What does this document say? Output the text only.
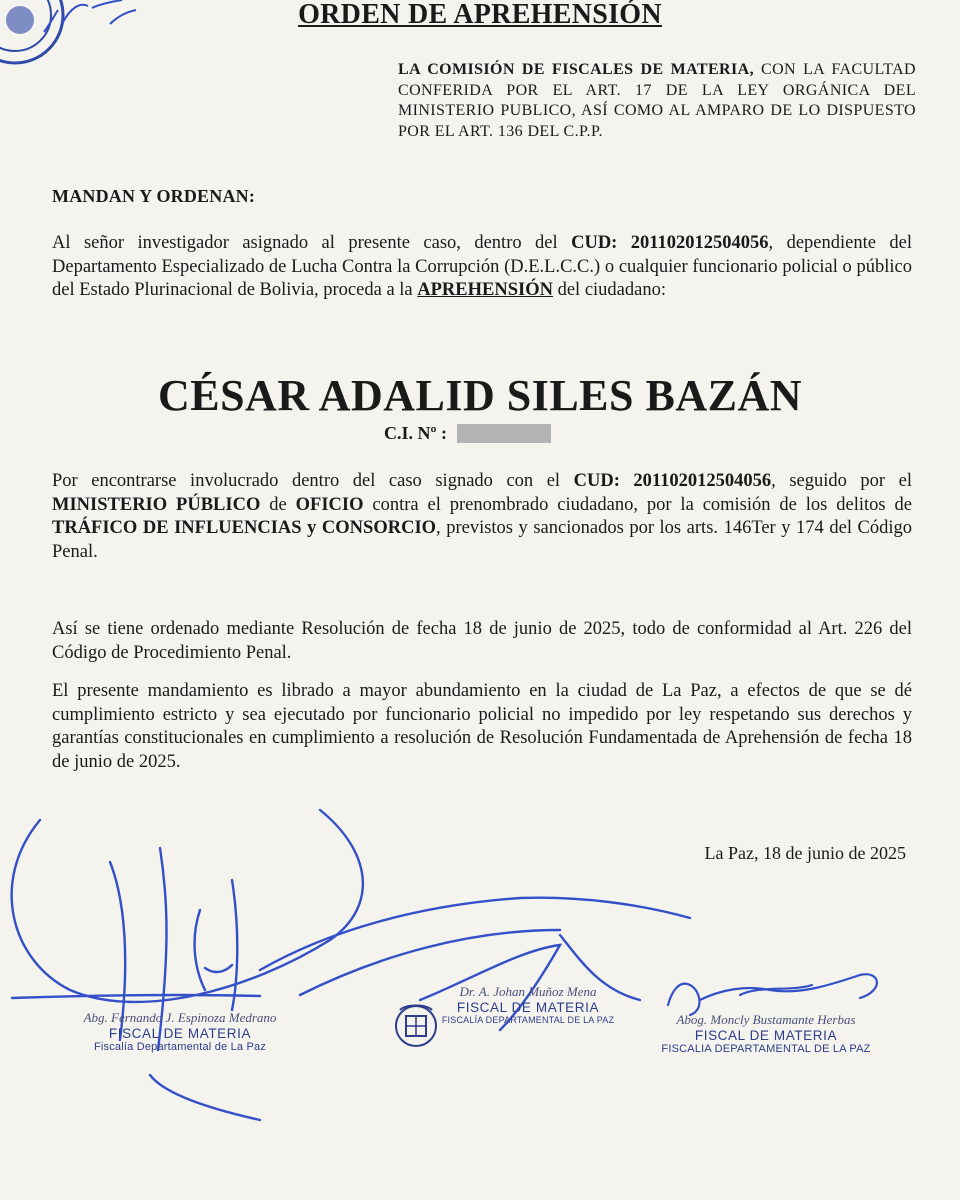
ORDEN DE APREHENSIÓN
LA COMISIÓN DE FISCALES DE MATERIA, CON LA FACULTAD CONFERIDA POR EL ART. 17 DE LA LEY ORGÁNICA DEL MINISTERIO PUBLICO, ASÍ COMO AL AMPARO DE LO DISPUESTO POR EL ART. 136 DEL C.P.P.
MANDAN Y ORDENAN:
Al señor investigador asignado al presente caso, dentro del CUD: 201102012504056, dependiente del Departamento Especializado de Lucha Contra la Corrupción (D.E.L.C.C.) o cualquier funcionario policial o público del Estado Plurinacional de Bolivia, proceda a la APREHENSIÓN del ciudadano:
CÉSAR ADALID SILES BAZÁN
C.I. Nº :
Por encontrarse involucrado dentro del caso signado con el CUD: 201102012504056, seguido por el MINISTERIO PÚBLICO de OFICIO contra el prenombrado ciudadano, por la comisión de los delitos de TRÁFICO DE INFLUENCIAS y CONSORCIO, previstos y sancionados por los arts. 146Ter y 174 del Código Penal.
Así se tiene ordenado mediante Resolución de fecha 18 de junio de 2025, todo de conformidad al Art. 226 del Código de Procedimiento Penal.
El presente mandamiento es librado a mayor abundamiento en la ciudad de La Paz, a efectos de que se dé cumplimiento estricto y sea ejecutado por funcionario policial no impedido por ley respetando sus derechos y garantías constitucionales en cumplimiento a resolución de Resolución Fundamentada de Aprehensión de fecha 18 de junio de 2025.
La Paz, 18 de junio de 2025
Abg. Fernando J. Espinoza Medrano
FISCAL DE MATERIA
Fiscalía Departamental de La Paz
Dr. A. Johan Muñoz Mena
FISCAL DE MATERIA
FISCALÍA DEPARTAMENTAL DE LA PAZ	Abog. Moncly Bustamante Herbas
FISCAL DE MATERIA
FISCALIA DEPARTAMENTAL DE LA PAZ
